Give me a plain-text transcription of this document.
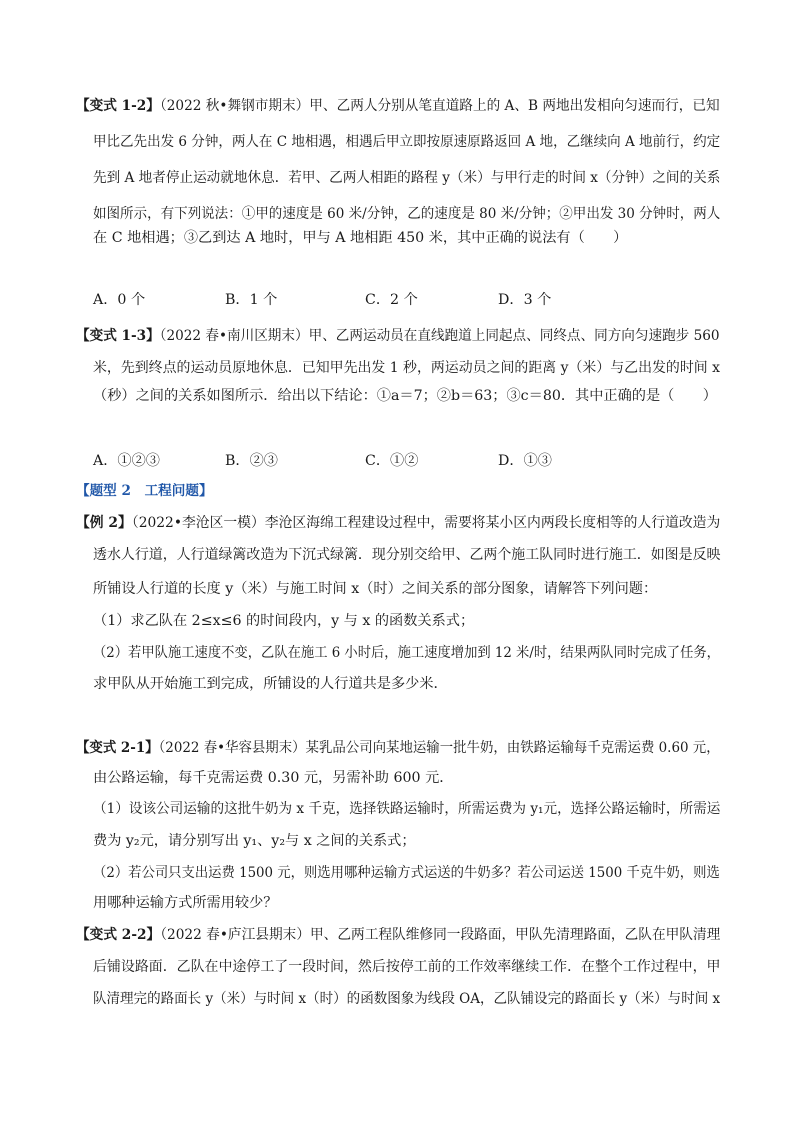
【变式 1-2】（2022 秋•舞钢市期末）甲、乙两人分别从笔直道路上的 A、B 两地出发相向匀速而行，已知
甲比乙先出发 6 分钟，两人在 C 地相遇，相遇后甲立即按原速原路返回 A 地，乙继续向 A 地前行，约定
先到 A 地者停止运动就地休息．若甲、乙两人相距的路程 y（米）与甲行走的时间 x（分钟）之间的关系
如图所示，有下列说法：①甲的速度是 60 米/分钟，乙的速度是 80 米/分钟；②甲出发 30 分钟时，两人
在 C 地相遇；③乙到达 A 地时，甲与 A 地相距 450 米，其中正确的说法有（　　）
A．0 个	B．1 个	C．2 个	D．3 个
【变式 1-3】（2022 春•南川区期末）甲、乙两运动员在直线跑道上同起点、同终点、同方向匀速跑步 560
米，先到终点的运动员原地休息．已知甲先出发 1 秒，两运动员之间的距离 y（米）与乙出发的时间 x
（秒）之间的关系如图所示．给出以下结论：①a＝7；②b＝63；③c＝80．其中正确的是（　　）
A．①②③	B．②③	C．①②	D．①③
【题型 2　工程问题】
【例 2】（2022•李沧区一模）李沧区海绵工程建设过程中，需要将某小区内两段长度相等的人行道改造为
透水人行道，人行道绿篱改造为下沉式绿篱．现分别交给甲、乙两个施工队同时进行施工．如图是反映
所铺设人行道的长度 y（米）与施工时间 x（时）之间关系的部分图象，请解答下列问题：
（1）求乙队在 2≤x≤6 的时间段内，y 与 x 的函数关系式；
（2）若甲队施工速度不变，乙队在施工 6 小时后，施工速度增加到 12 米/时，结果两队同时完成了任务，
求甲队从开始施工到完成，所铺设的人行道共是多少米．
【变式 2-1】（2022 春•华容县期末）某乳品公司向某地运输一批牛奶，由铁路运输每千克需运费 0.60 元，
由公路运输，每千克需运费 0.30 元，另需补助 600 元．
（1）设该公司运输的这批牛奶为 x 千克，选择铁路运输时，所需运费为 y₁元，选择公路运输时，所需运
费为 y₂元，请分别写出 y₁、y₂与 x 之间的关系式；
（2）若公司只支出运费 1500 元，则选用哪种运输方式运送的牛奶多？若公司运送 1500 千克牛奶，则选
用哪种运输方式所需用较少？
【变式 2-2】（2022 春•庐江县期末）甲、乙两工程队维修同一段路面，甲队先清理路面，乙队在甲队清理
后铺设路面．乙队在中途停工了一段时间，然后按停工前的工作效率继续工作．在整个工作过程中，甲
队清理完的路面长 y（米）与时间 x（时）的函数图象为线段 OA，乙队铺设完的路面长 y（米）与时间 x
